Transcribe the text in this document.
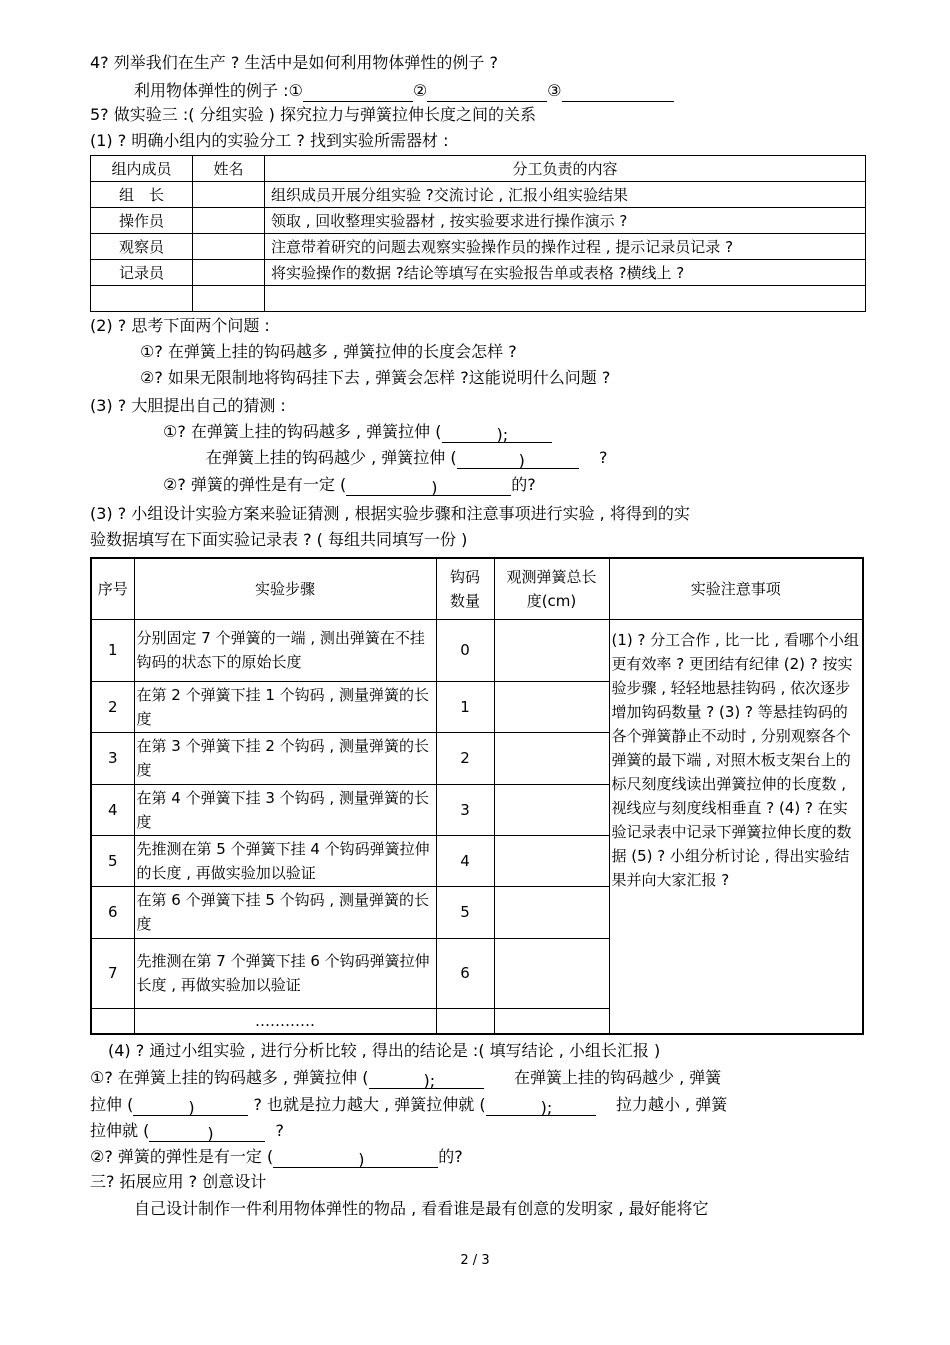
4? 列举我们在生产 ? 生活中是如何利用物体弹性的例子 ?
利用物体弹性的例子 :①	②	③
5? 做实验三 :( 分组实验 ) 探究拉力与弹簧拉伸长度之间的关系
(1) ? 明确小组内的实验分工 ? 找到实验所需器材 :
组内成员	姓名	分工负责的内容
组　长		组织成员开展分组实验 ?交流讨论 , 汇报小组实验结果
操作员		领取 , 回收整理实验器材 , 按实验要求进行操作演示 ?
观察员		注意带着研究的问题去观察实验操作员的操作过程 , 提示记录员记录 ?
记录员		将实验操作的数据 ?结论等填写在实验报告单或表格 ?横线上 ?

(2) ? 思考下面两个问题 :
①? 在弹簧上挂的钩码越多 , 弹簧拉伸的长度会怎样 ?
②? 如果无限制地将钩码挂下去 , 弹簧会怎样 ?这能说明什么问题 ?
(3) ? 大胆提出自己的猜测 :
①? 在弹簧上挂的钩码越多 , 弹簧拉伸 (	);
在弹簧上挂的钩码越少 , 弹簧拉伸 (	)	?
②? 弹簧的弹性是有一定 (	)	的?
(3) ? 小组设计实验方案来验证猜测 , 根据实验步骤和注意事项进行实验 , 将得到的实
验数据填写在下面实验记录表 ? ( 每组共同填写一份 )
序号	实验步骤	钩码数量	观测弹簧总长度(cm)	实验注意事项
1	分别固定 7 个弹簧的一端 , 测出弹簧在不挂钩码的状态下的原始长度	0		(1) ? 分工合作 , 比一比 , 看哪个小组更有效率 ? 更团结有纪律 (2) ? 按实验步骤 , 轻轻地悬挂钩码 , 依次逐步增加钩码数量 ? (3) ? 等悬挂钩码的各个弹簧静止不动时 , 分别观察各个弹簧的最下端 , 对照木板支架台上的标尺刻度线读出弹簧拉伸的长度数 , 视线应与刻度线相垂直 ? (4) ? 在实验记录表中记录下弹簧拉伸长度的数据 (5) ? 小组分析讨论 , 得出实验结果并向大家汇报 ?
2	在第 2 个弹簧下挂 1 个钩码 , 测量弹簧的长度	1		
3	在第 3 个弹簧下挂 2 个钩码 , 测量弹簧的长度	2		
4	在第 4 个弹簧下挂 3 个钩码 , 测量弹簧的长度	3		
5	先推测在第 5 个弹簧下挂 4 个钩码弹簧拉伸的长度 , 再做实验加以验证	4		
6	在第 6 个弹簧下挂 5 个钩码 , 测量弹簧的长度	5		
7	先推测在第 7 个弹簧下挂 6 个钩码弹簧拉伸长度 , 再做实验加以验证	6		
	…………			
(4) ? 通过小组实验 , 进行分析比较 , 得出的结论是 :( 填写结论 , 小组长汇报 )
①? 在弹簧上挂的钩码越多 , 弹簧拉伸 (	);	在弹簧上挂的钩码越少 , 弹簧
拉伸 (	)	? 也就是拉力越大 , 弹簧拉伸就 (	);	拉力越小 , 弹簧
拉伸就 (	)	?
②? 弹簧的弹性是有一定 (	)	的?
三? 拓展应用 ? 创意设计
自己设计制作一件利用物体弹性的物品 , 看看谁是最有创意的发明家 , 最好能将它
2 / 3
